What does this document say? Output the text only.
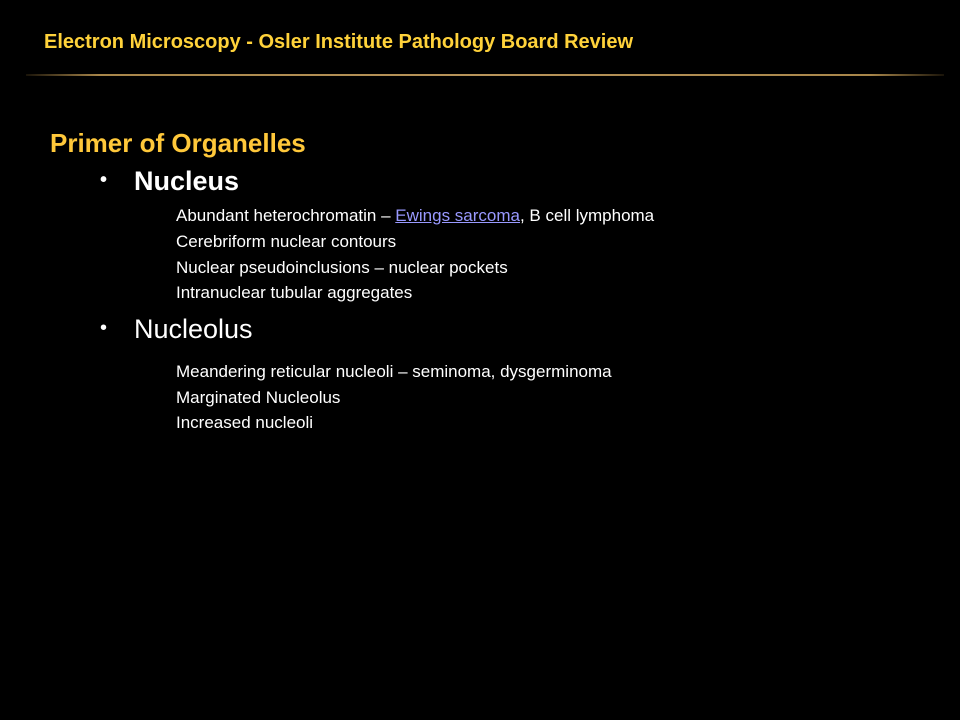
Electron Microscopy - Osler Institute Pathology Board Review
Primer of Organelles
• Nucleus
Abundant heterochromatin – Ewings sarcoma, B cell lymphoma
Cerebriform nuclear contours
Nuclear pseudoinclusions – nuclear pockets
Intranuclear tubular aggregates
• Nucleolus
Meandering reticular nucleoli – seminoma, dysgerminoma
Marginated Nucleolus
Increased nucleoli
